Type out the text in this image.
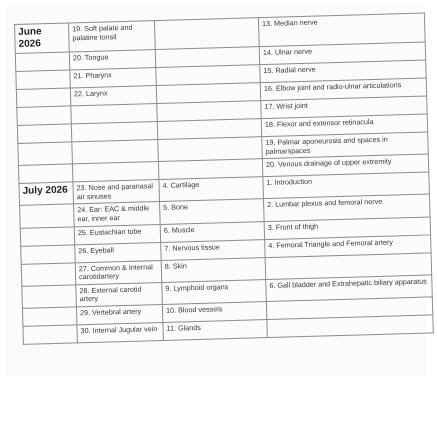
June 2026	19. Soft palate and palatine tonsil		13. Median nerve
	20. Tongue		14. Ulnar nerve
	21. Pharynx		15. Radial nerve
	22. Larynx		16. Elbow joint and radio-ulnar articulations
			17. Wrist joint
			18. Flexor and extensor retinacula
			19. Palmar aponeurosis and spaces in palmarspaces
			20. Venous drainage of upper extremity
July 2026	23. Nose and paranasal air sinuses	4. Cartilage	1. Introduction
	24. Ear: EAC & middle ear, inner ear	5. Bone	2. Lumbar plexus and femoral nerve
	25. Eustachian tube	6. Muscle	3. Front of thigh
	26. Eyeball	7. Nervous tissue	4. Femoral Triangle and Femoral artery
	27. Common & Internal carotidartery	8. Skin	
	28. External carotid artery	9. Lymphoid organs	6. Gall bladder and Extrahepatic biliary apparatus
	29. Vertebral artery	10. Blood vessels	
	30. Internal Jugular vein	11. Glands	
